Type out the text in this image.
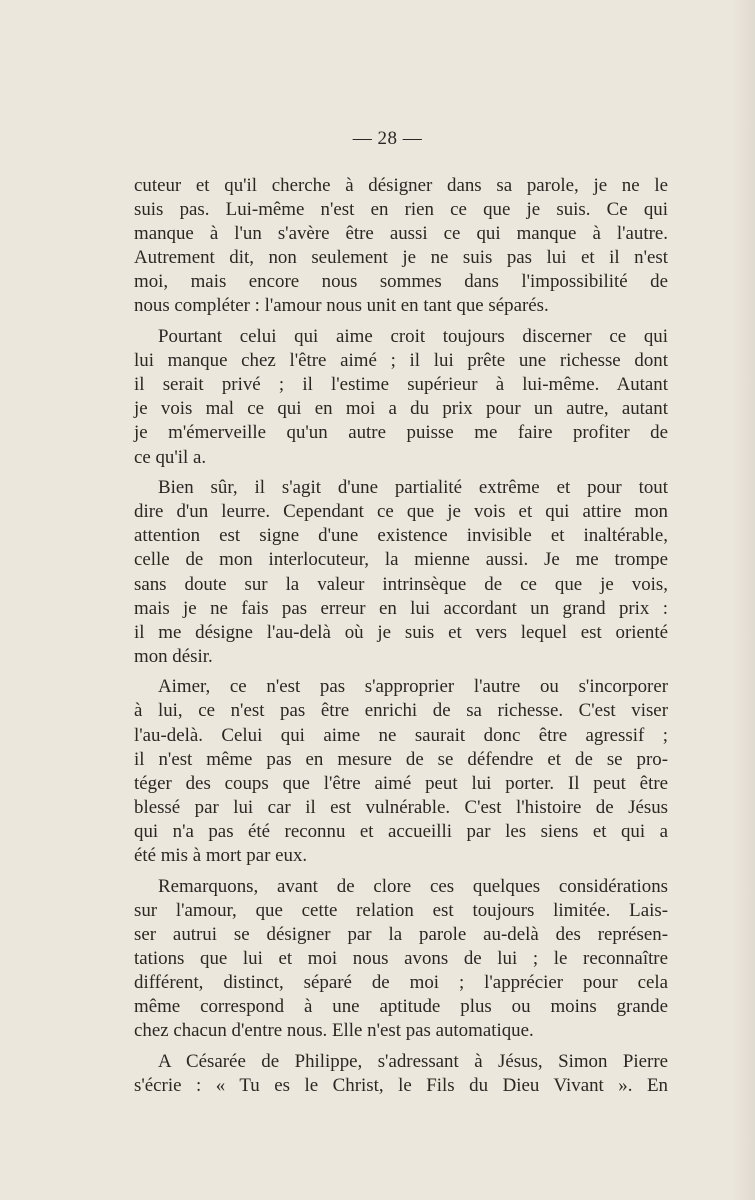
— 28 —
cuteur et qu'il cherche à désigner dans sa parole, je ne le
suis pas. Lui-même n'est en rien ce que je suis. Ce qui
manque à l'un s'avère être aussi ce qui manque à l'autre.
Autrement dit, non seulement je ne suis pas lui et il n'est
moi, mais encore nous sommes dans l'impossibilité de
nous compléter : l'amour nous unit en tant que séparés.
Pourtant celui qui aime croit toujours discerner ce qui
lui manque chez l'être aimé ; il lui prête une richesse dont
il serait privé ; il l'estime supérieur à lui-même. Autant
je vois mal ce qui en moi a du prix pour un autre, autant
je m'émerveille qu'un autre puisse me faire profiter de
ce qu'il a.
Bien sûr, il s'agit d'une partialité extrême et pour tout
dire d'un leurre. Cependant ce que je vois et qui attire mon
attention est signe d'une existence invisible et inaltérable,
celle de mon interlocuteur, la mienne aussi. Je me trompe
sans doute sur la valeur intrinsèque de ce que je vois,
mais je ne fais pas erreur en lui accordant un grand prix :
il me désigne l'au-delà où je suis et vers lequel est orienté
mon désir.
Aimer, ce n'est pas s'approprier l'autre ou s'incorporer
à lui, ce n'est pas être enrichi de sa richesse. C'est viser
l'au-delà. Celui qui aime ne saurait donc être agressif ;
il n'est même pas en mesure de se défendre et de se pro-
téger des coups que l'être aimé peut lui porter. Il peut être
blessé par lui car il est vulnérable. C'est l'histoire de Jésus
qui n'a pas été reconnu et accueilli par les siens et qui a
été mis à mort par eux.
Remarquons, avant de clore ces quelques considérations
sur l'amour, que cette relation est toujours limitée. Lais-
ser autrui se désigner par la parole au-delà des représen-
tations que lui et moi nous avons de lui ; le reconnaître
différent, distinct, séparé de moi ; l'apprécier pour cela
même correspond à une aptitude plus ou moins grande
chez chacun d'entre nous. Elle n'est pas automatique.
A Césarée de Philippe, s'adressant à Jésus, Simon Pierre
s'écrie : « Tu es le Christ, le Fils du Dieu Vivant ». En
